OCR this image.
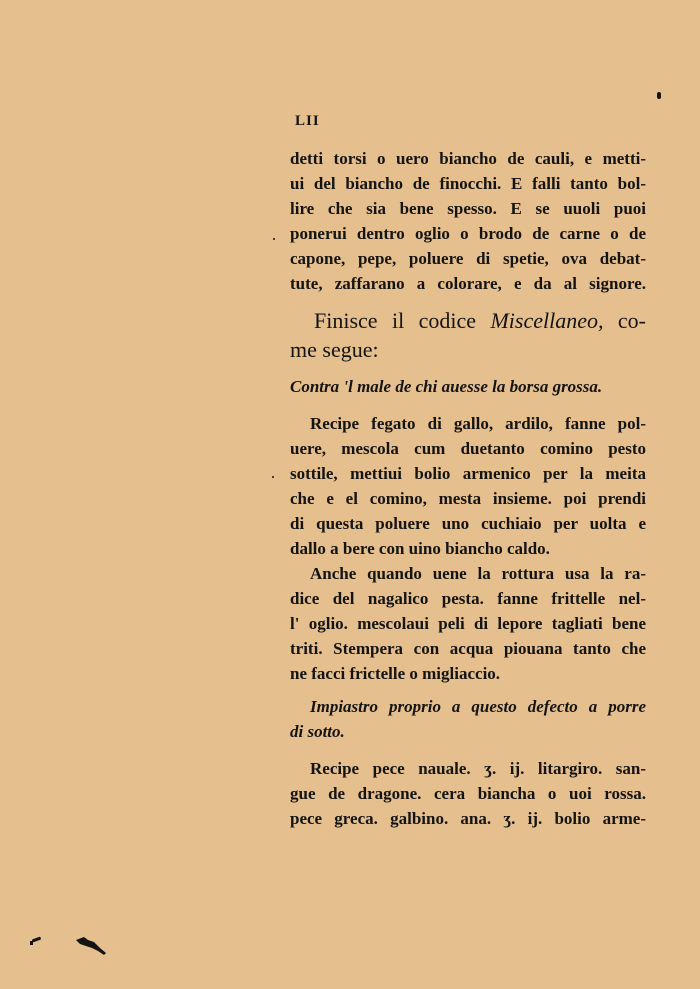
LII
detti torsi o uero biancho de cauli, e metti-
ui del biancho de finocchi. E falli tanto bol-
lire che sia bene spesso. E se uuoli puoi
ponerui dentro oglio o brodo de carne o de
capone, pepe, poluere di spetie, ova debat-
tute, zaffarano a colorare, e da al signore.
Finisce il codice Miscellaneo, co-
me segue:
Contra 'l male de chi auesse la borsa grossa.
Recipe fegato di gallo, ardilo, fanne pol-
uere, mescola cum duetanto comino pesto
sottile, mettiui bolio armenico per la meita
che e el comino, mesta insieme. poi prendi
di questa poluere uno cuchiaio per uolta e
dallo a bere con uino biancho caldo.
Anche quando uene la rottura usa la ra-
dice del nagalico pesta. fanne frittelle nel-
l' oglio. mescolaui peli di lepore tagliati bene
triti. Stempera con acqua piouana tanto che
ne facci frictelle o migliaccio.
Impiastro proprio a questo defecto a porre
di sotto.
Recipe pece nauale. ʒ. ij. litargiro. san-
gue de dragone. cera biancha o uoi rossa.
pece greca. galbino. ana. ʒ. ij. bolio arme-
